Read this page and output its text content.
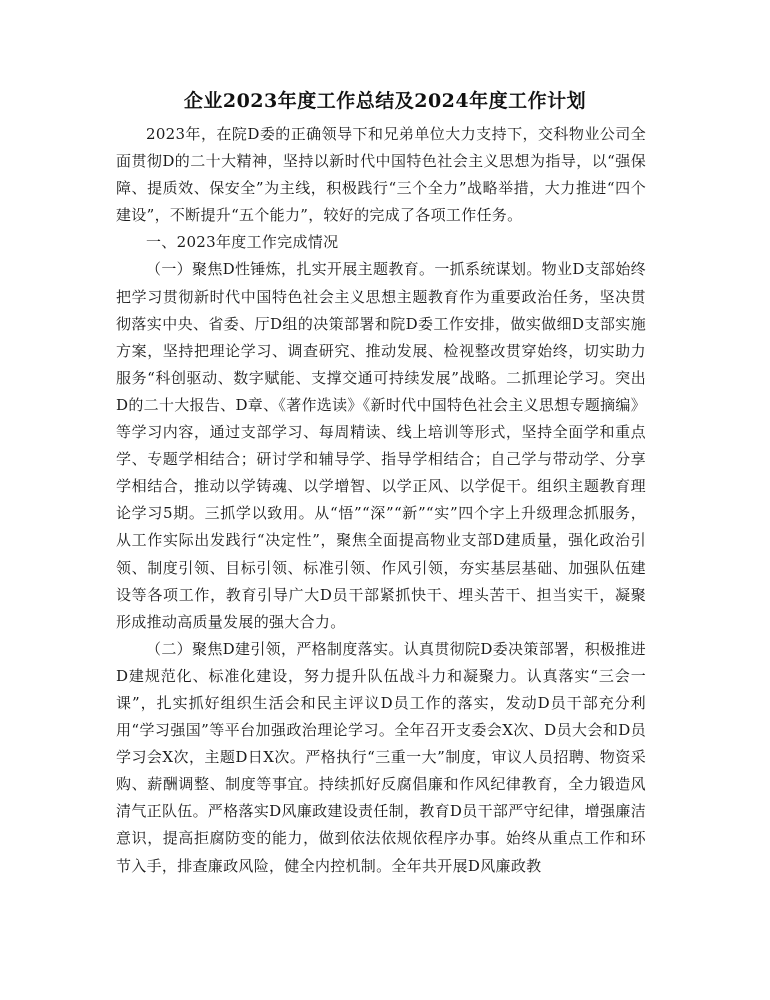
企业2023年度工作总结及2024年度工作计划

2023年，在院D委的正确领导下和兄弟单位大力支持下，交科物业公司全面贯彻D的二十大精神，坚持以新时代中国特色社会主义思想为指导，以“强保障、提质效、保安全”为主线，积极践行“三个全力”战略举措，大力推进“四个建设”，不断提升“五个能力”，较好的完成了各项工作任务。

一、2023年度工作完成情况

（一）聚焦D性锤炼，扎实开展主题教育。一抓系统谋划。物业D支部始终把学习贯彻新时代中国特色社会主义思想主题教育作为重要政治任务，坚决贯彻落实中央、省委、厅D组的决策部署和院D委工作安排，做实做细D支部实施方案，坚持把理论学习、调查研究、推动发展、检视整改贯穿始终，切实助力服务“科创驱动、数字赋能、支撑交通可持续发展”战略。二抓理论学习。突出D的二十大报告、D章、《著作选读》《新时代中国特色社会主义思想专题摘编》等学习内容，通过支部学习、每周精读、线上培训等形式，坚持全面学和重点学、专题学相结合；研讨学和辅导学、指导学相结合；自己学与带动学、分享学相结合，推动以学铸魂、以学增智、以学正风、以学促干。组织主题教育理论学习5期。三抓学以致用。从“悟”“深”“新”“实”四个字上升级理念抓服务，从工作实际出发践行“决定性”，聚焦全面提高物业支部D建质量，强化政治引领、制度引领、目标引领、标准引领、作风引领，夯实基层基础、加强队伍建设等各项工作，教育引导广大D员干部紧抓快干、埋头苦干、担当实干，凝聚形成推动高质量发展的强大合力。

（二）聚焦D建引领，严格制度落实。认真贯彻院D委决策部署，积极推进D建规范化、标准化建设，努力提升队伍战斗力和凝聚力。认真落实“三会一课”，扎实抓好组织生活会和民主评议D员工作的落实，发动D员干部充分利用“学习强国”等平台加强政治理论学习。全年召开支委会X次、D员大会和D员学习会X次，主题D日X次。严格执行“三重一大”制度，审议人员招聘、物资采购、薪酬调整、制度等事宜。持续抓好反腐倡廉和作风纪律教育，全力锻造风清气正队伍。严格落实D风廉政建设责任制，教育D员干部严守纪律，增强廉洁意识，提高拒腐防变的能力，做到依法依规依程序办事。始终从重点工作和环节入手，排查廉政风险，健全内控机制。全年共开展D风廉政教
